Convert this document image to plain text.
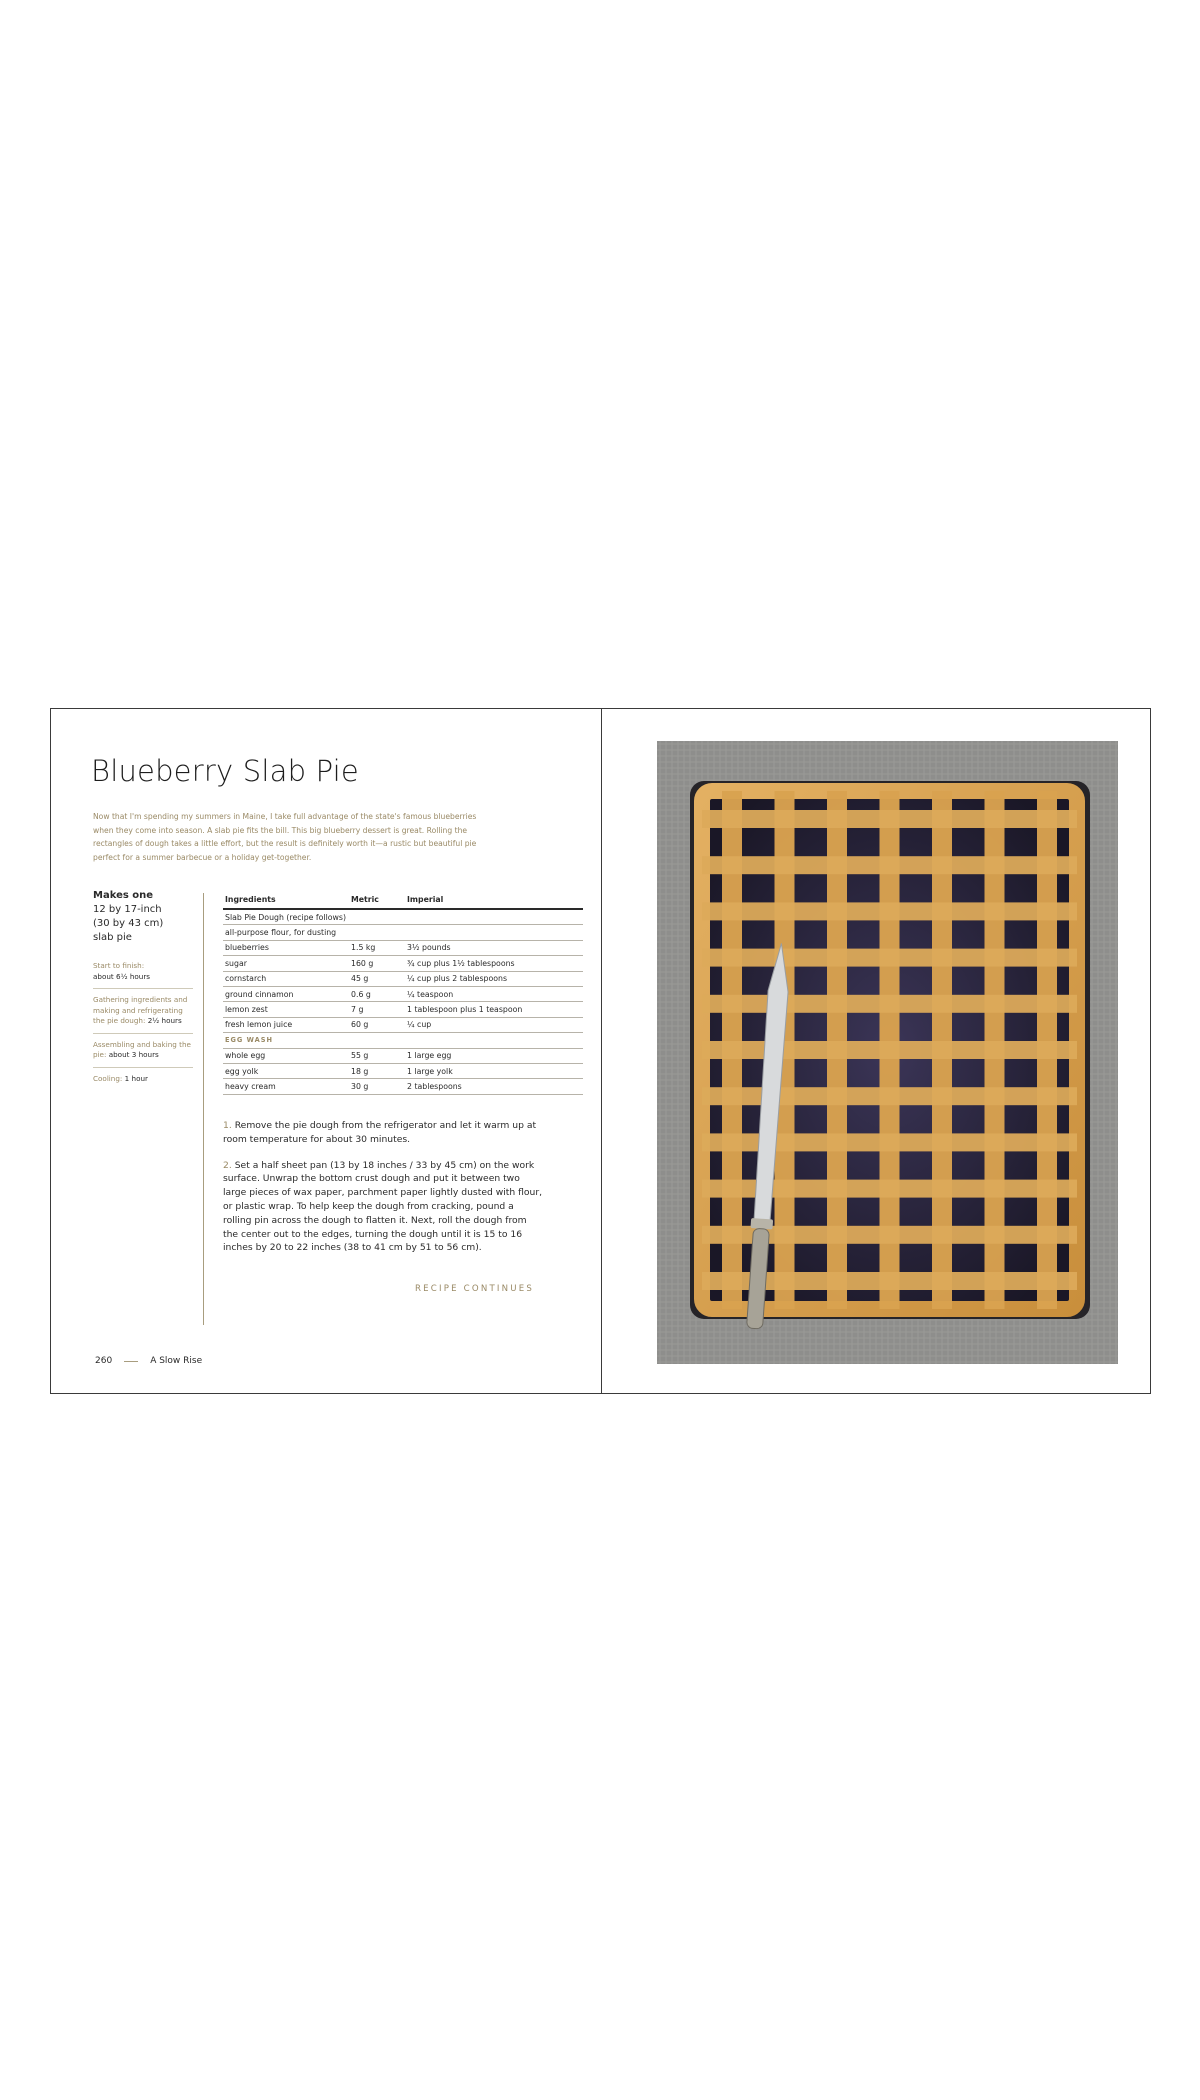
Blueberry Slab Pie
Now that I'm spending my summers in Maine, I take full advantage of the state's famous blueberries when they come into season. A slab pie fits the bill. This big blueberry dessert is great. Rolling the rectangles of dough takes a little effort, but the result is definitely worth it—a rustic but beautiful pie perfect for a summer barbecue or a holiday get-together.
Makes one
12 by 17-inch
(30 by 43 cm)
slab pie
Start to finish:
about 6½ hours
Gathering ingredients and making and refrigerating the pie dough: 2½ hours
Assembling and baking the pie: about 3 hours
Cooling: 1 hour
Ingredients	Metric	Imperial
Slab Pie Dough (recipe follows)		
all-purpose flour, for dusting		
blueberries	1.5 kg	3½ pounds
sugar	160 g	¾ cup plus 1½ tablespoons
cornstarch	45 g	¼ cup plus 2 tablespoons
ground cinnamon	0.6 g	¼ teaspoon
lemon zest	7 g	1 tablespoon plus 1 teaspoon
fresh lemon juice	60 g	¼ cup
EGG WASH		
whole egg	55 g	1 large egg
egg yolk	18 g	1 large yolk
heavy cream	30 g	2 tablespoons
1. Remove the pie dough from the refrigerator and let it warm up at room temperature for about 30 minutes.
2. Set a half sheet pan (13 by 18 inches / 33 by 45 cm) on the work surface. Unwrap the bottom crust dough and put it between two large pieces of wax paper, parchment paper lightly dusted with flour, or plastic wrap. To help keep the dough from cracking, pound a rolling pin across the dough to flatten it. Next, roll the dough from the center out to the edges, turning the dough until it is 15 to 16 inches by 20 to 22 inches (38 to 41 cm by 51 to 56 cm).
RECIPE CONTINUES
260	A Slow Rise
